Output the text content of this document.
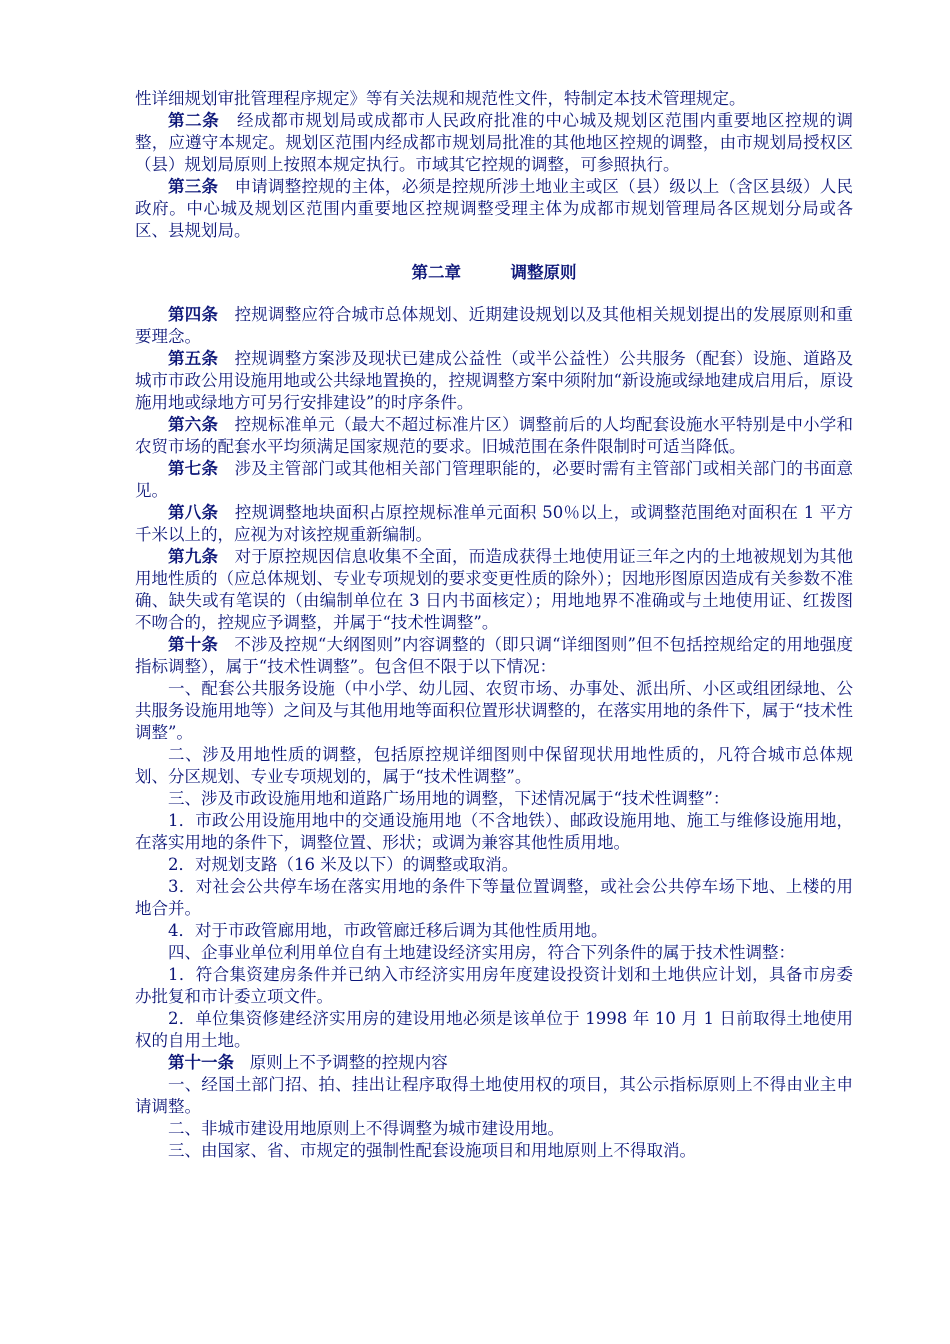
性详细规划审批管理程序规定》等有关法规和规范性文件，特制定本技术管理规定。

第二条 经成都市规划局或成都市人民政府批准的中心城及规划区范围内重要地区控规的调整，应遵守本规定。规划区范围内经成都市规划局批准的其他地区控规的调整，由市规划局授权区（县）规划局原则上按照本规定执行。市域其它控规的调整，可参照执行。

第三条 申请调整控规的主体，必须是控规所涉土地业主或区（县）级以上（含区县级）人民政府。中心城及规划区范围内重要地区控规调整受理主体为成都市规划管理局各区规划分局或各区、县规划局。

第二章	调整原则

第四条 控规调整应符合城市总体规划、近期建设规划以及其他相关规划提出的发展原则和重要理念。

第五条 控规调整方案涉及现状已建成公益性（或半公益性）公共服务（配套）设施、道路及城市市政公用设施用地或公共绿地置换的，控规调整方案中须附加“新设施或绿地建成启用后，原设施用地或绿地方可另行安排建设”的时序条件。

第六条 控规标准单元（最大不超过标准片区）调整前后的人均配套设施水平特别是中小学和农贸市场的配套水平均须满足国家规范的要求。旧城范围在条件限制时可适当降低。

第七条 涉及主管部门或其他相关部门管理职能的，必要时需有主管部门或相关部门的书面意见。

第八条 控规调整地块面积占原控规标准单元面积 50％以上，或调整范围绝对面积在 1 平方千米以上的，应视为对该控规重新编制。

第九条 对于原控规因信息收集不全面，而造成获得土地使用证三年之内的土地被规划为其他用地性质的（应总体规划、专业专项规划的要求变更性质的除外）；因地形图原因造成有关参数不准确、缺失或有笔误的（由编制单位在 3 日内书面核定）；用地地界不准确或与土地使用证、红拨图不吻合的，控规应予调整，并属于“技术性调整”。

第十条 不涉及控规“大纲图则”内容调整的（即只调“详细图则”但不包括控规给定的用地强度指标调整），属于“技术性调整”。包含但不限于以下情况：

一、配套公共服务设施（中小学、幼儿园、农贸市场、办事处、派出所、小区或组团绿地、公共服务设施用地等）之间及与其他用地等面积位置形状调整的，在落实用地的条件下，属于“技术性调整”。

二、涉及用地性质的调整，包括原控规详细图则中保留现状用地性质的，凡符合城市总体规划、分区规划、专业专项规划的，属于“技术性调整”。

三、涉及市政设施用地和道路广场用地的调整，下述情况属于“技术性调整”：

1．市政公用设施用地中的交通设施用地（不含地铁）、邮政设施用地、施工与维修设施用地，在落实用地的条件下，调整位置、形状；或调为兼容其他性质用地。

2．对规划支路（16 米及以下）的调整或取消。

3．对社会公共停车场在落实用地的条件下等量位置调整，或社会公共停车场下地、上楼的用地合并。

4．对于市政管廊用地，市政管廊迁移后调为其他性质用地。

四、企事业单位利用单位自有土地建设经济实用房，符合下列条件的属于技术性调整：

1．符合集资建房条件并已纳入市经济实用房年度建设投资计划和土地供应计划，具备市房委办批复和市计委立项文件。

2．单位集资修建经济实用房的建设用地必须是该单位于 1998 年 10 月 1 日前取得土地使用权的自用土地。

第十一条 原则上不予调整的控规内容

一、经国土部门招、拍、挂出让程序取得土地使用权的项目，其公示指标原则上不得由业主申请调整。

二、非城市建设用地原则上不得调整为城市建设用地。

三、由国家、省、市规定的强制性配套设施项目和用地原则上不得取消。
